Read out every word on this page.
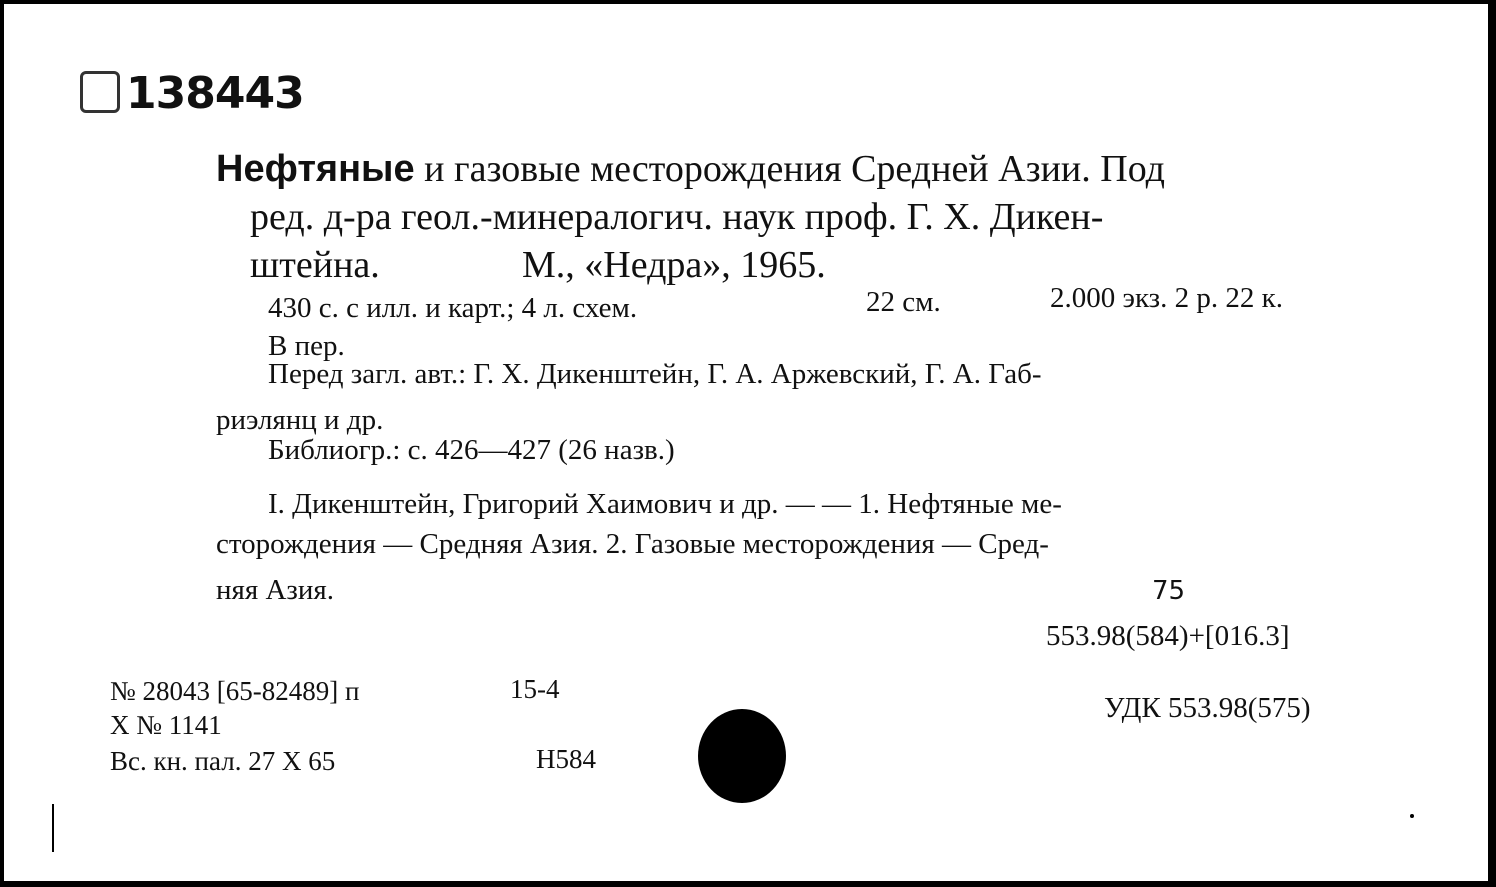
138443
Нефтяные и газовые месторождения Средней Азии. Под
ред. д-ра геол.-минералогич. наук проф. Г. Х. Дикен-
штейна.	М., «Недра», 1965.
430 с. с илл. и карт.; 4 л. схем.	22 см.	2.000 экз. 2 р. 22 к.
В пер.
Перед загл. авт.: Г. Х. Дикенштейн, Г. А. Аржевский, Г. А. Габ-
риэлянц и др.
Библиогр.: с. 426—427 (26 назв.)
I. Дикенштейн, Григорий Хаимович и др. — — 1. Нефтяные ме-
сторождения — Средняя Азия. 2. Газовые месторождения — Сред-
няя Азия.	75
553.98(584)+[016.3]
УДК 553.98(575)
№ 28043 [65-82489] п	15-4
Х № 1141
Вс. кн. пал. 27 Х 65	Н584
